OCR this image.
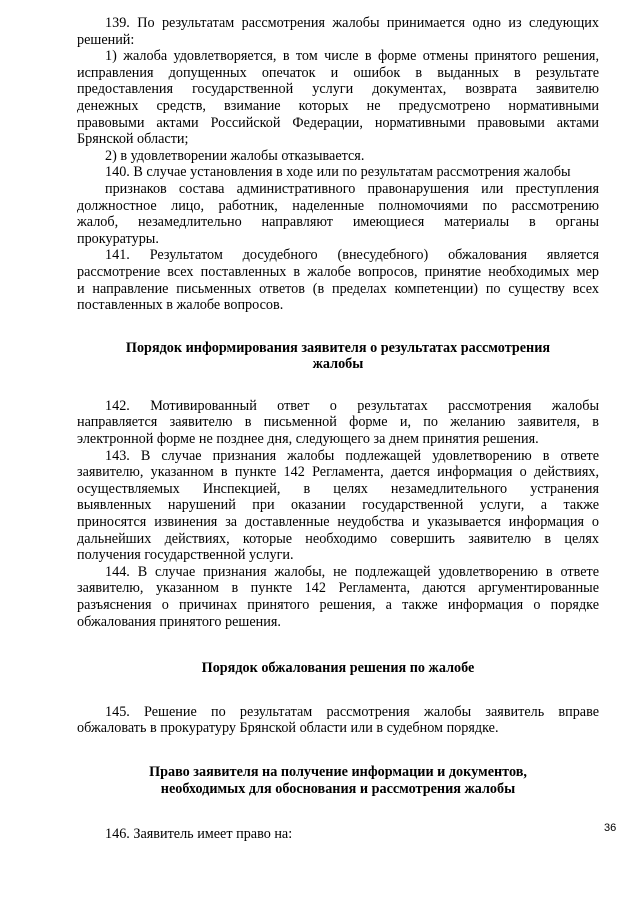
139. По результатам рассмотрения жалобы принимается одно из следующих

решений:

1) жалоба удовлетворяется, в том числе в форме отмены принятого решения,

исправления допущенных опечаток и ошибок в выданных в результате

предоставления государственной услуги документах, возврата заявителю

денежных средств, взимание которых не предусмотрено нормативными

правовыми актами Российской Федерации, нормативными правовыми актами

Брянской области;

2) в удовлетворении жалобы отказывается.

140. В случае установления в ходе или по результатам рассмотрения жалобы

признаков состава административного правонарушения или преступления

должностное лицо, работник, наделенные полномочиями по рассмотрению

жалоб, незамедлительно направляют имеющиеся материалы в органы

прокуратуры.

141. Результатом досудебного (внесудебного) обжалования является

рассмотрение всех поставленных в жалобе вопросов, принятие необходимых мер

и направление письменных ответов (в пределах компетенции) по существу всех

поставленных в жалобе вопросов.

Порядок информирования заявителя о результатах рассмотрения
жалобы

142. Мотивированный ответ о результатах рассмотрения жалобы

направляется заявителю в письменной форме и, по желанию заявителя, в

электронной форме не позднее дня, следующего за днем принятия решения.

143. В случае признания жалобы подлежащей удовлетворению в ответе

заявителю, указанном в пункте 142 Регламента, дается информация о действиях,

осуществляемых Инспекцией, в целях незамедлительного устранения

выявленных нарушений при оказании государственной услуги, а также

приносятся извинения за доставленные неудобства и указывается информация о

дальнейших действиях, которые необходимо совершить заявителю в целях

получения государственной услуги.

144. В случае признания жалобы, не подлежащей удовлетворению в ответе

заявителю, указанном в пункте 142 Регламента, даются аргументированные

разъяснения о причинах принятого решения, а также информация о порядке

обжалования принятого решения.

Порядок обжалования решения по жалобе

145. Решение по результатам рассмотрения жалобы заявитель вправе

обжаловать в прокуратуру Брянской области или в судебном порядке.

Право заявителя на получение информации и документов,
необходимых для обоснования и рассмотрения жалобы

146. Заявитель имеет право на:	36
